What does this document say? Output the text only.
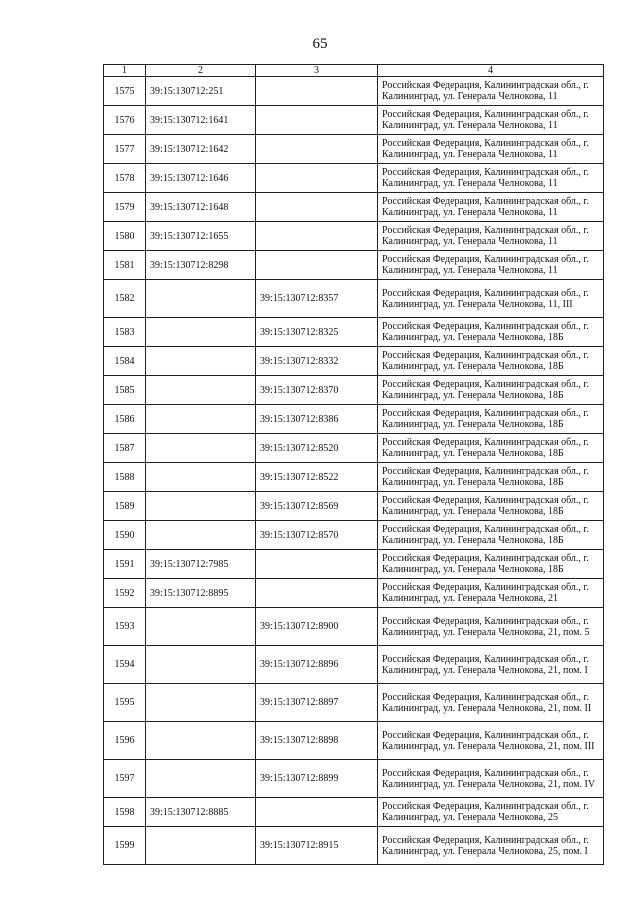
65
1	2	3	4
1575	39:15:130712:251		Российская Федерация, Калининградская обл., г. Калининград, ул. Генерала Челнокова, 11
1576	39:15:130712:1641		Российская Федерация, Калининградская обл., г. Калининград, ул. Генерала Челнокова, 11
1577	39:15:130712:1642		Российская Федерация, Калининградская обл., г. Калининград, ул. Генерала Челнокова, 11
1578	39:15:130712:1646		Российская Федерация, Калининградская обл., г. Калининград, ул. Генерала Челнокова, 11
1579	39:15:130712:1648		Российская Федерация, Калининградская обл., г. Калининград, ул. Генерала Челнокова, 11
1580	39:15:130712:1655		Российская Федерация, Калининградская обл., г. Калининград, ул. Генерала Челнокова, 11
1581	39:15:130712:8298		Российская Федерация, Калининградская обл., г. Калининград, ул. Генерала Челнокова, 11
1582		39:15:130712:8357	Российская Федерация, Калининградская обл., г. Калининград, ул. Генерала Челнокова, 11, III
1583		39:15:130712:8325	Российская Федерация, Калининградская обл., г. Калининград, ул. Генерала Челнокова, 18Б
1584		39:15:130712:8332	Российская Федерация, Калининградская обл., г. Калининград, ул. Генерала Челнокова, 18Б
1585		39:15:130712:8370	Российская Федерация, Калининградская обл., г. Калининград, ул. Генерала Челнокова, 18Б
1586		39:15:130712:8386	Российская Федерация, Калининградская обл., г. Калининград, ул. Генерала Челнокова, 18Б
1587		39:15:130712:8520	Российская Федерация, Калининградская обл., г. Калининград, ул. Генерала Челнокова, 18Б
1588		39:15:130712:8522	Российская Федерация, Калининградская обл., г. Калининград, ул. Генерала Челнокова, 18Б
1589		39:15:130712:8569	Российская Федерация, Калининградская обл., г. Калининград, ул. Генерала Челнокова, 18Б
1590		39:15:130712:8570	Российская Федерация, Калининградская обл., г. Калининград, ул. Генерала Челнокова, 18Б
1591	39:15:130712:7985		Российская Федерация, Калининградская обл., г. Калининград, ул. Генерала Челнокова, 18Б
1592	39:15:130712:8895		Российская Федерация, Калининградская обл., г. Калининград, ул. Генерала Челнокова, 21
1593		39:15:130712:8900	Российская Федерация, Калининградская обл., г. Калининград, ул. Генерала Челнокова, 21, пом. 5
1594		39:15:130712:8896	Российская Федерация, Калининградская обл., г. Калининград, ул. Генерала Челнокова, 21, пом. I
1595		39:15:130712:8897	Российская Федерация, Калининградская обл., г. Калининград, ул. Генерала Челнокова, 21, пом. II
1596		39:15:130712:8898	Российская Федерация, Калининградская обл., г. Калининград, ул. Генерала Челнокова, 21, пом. III
1597		39:15:130712:8899	Российская Федерация, Калининградская обл., г. Калининград, ул. Генерала Челнокова, 21, пом. IV
1598	39:15:130712:8885		Российская Федерация, Калининградская обл., г. Калининград, ул. Генерала Челнокова, 25
1599		39:15:130712:8915	Российская Федерация, Калининградская обл., г. Калининград, ул. Генерала Челнокова, 25, пом. I
